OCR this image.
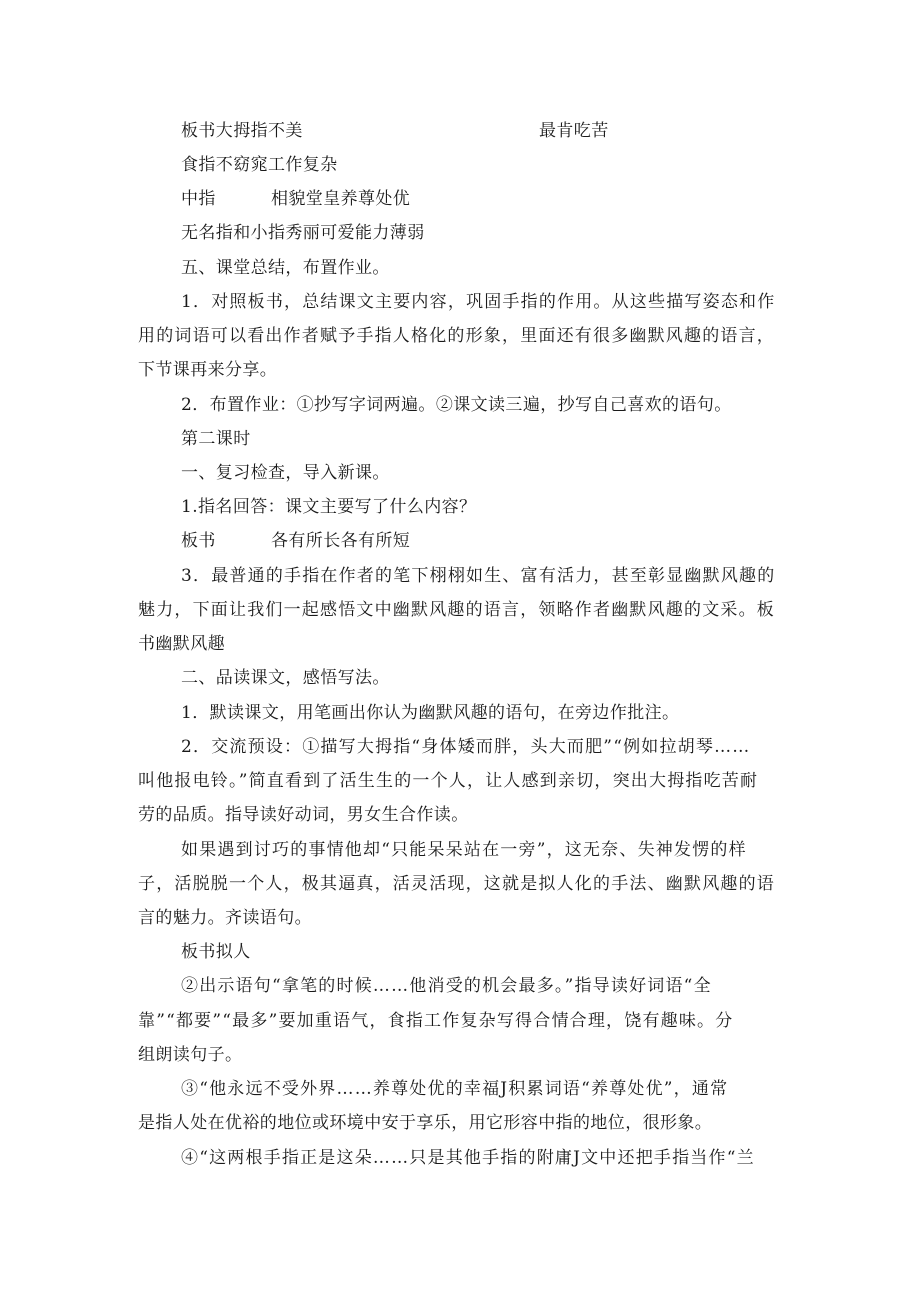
板书大拇指不美	最肯吃苦
食指不窈窕工作复杂
中指	相貌堂皇养尊处优
无名指和小指秀丽可爱能力薄弱
五、课堂总结，布置作业。
1．对照板书，总结课文主要内容，巩固手指的作用。从这些描写姿态和作
用的词语可以看出作者赋予手指人格化的形象，里面还有很多幽默风趣的语言，
下节课再来分享。
2．布置作业：①抄写字词两遍。②课文读三遍，抄写自己喜欢的语句。
第二课时
一、复习检查，导入新课。
1.指名回答：课文主要写了什么内容？
板书	各有所长各有所短
3．最普通的手指在作者的笔下栩栩如生、富有活力，甚至彰显幽默风趣的
魅力，下面让我们一起感悟文中幽默风趣的语言，领略作者幽默风趣的文采。板
书幽默风趣
二、品读课文，感悟写法。
1．默读课文，用笔画出你认为幽默风趣的语句，在旁边作批注。
2．交流预设：①描写大拇指“身体矮而胖，头大而肥”“例如拉胡琴……
叫他报电铃。”简直看到了活生生的一个人，让人感到亲切，突出大拇指吃苦耐
劳的品质。指导读好动词，男女生合作读。
如果遇到讨巧的事情他却“只能呆呆站在一旁”，这无奈、失神发愣的样
子，活脱脱一个人，极其逼真，活灵活现，这就是拟人化的手法、幽默风趣的语
言的魅力。齐读语句。
板书拟人
②出示语句“拿笔的时候……他消受的机会最多。”指导读好词语“全
靠”“都要”“最多”要加重语气，食指工作复杂写得合情合理，饶有趣味。分
组朗读句子。
③“他永远不受外界……养尊处优的幸福J积累词语“养尊处优”，通常
是指人处在优裕的地位或环境中安于享乐，用它形容中指的地位，很形象。
④“这两根手指正是这朵……只是其他手指的附庸J文中还把手指当作“兰
